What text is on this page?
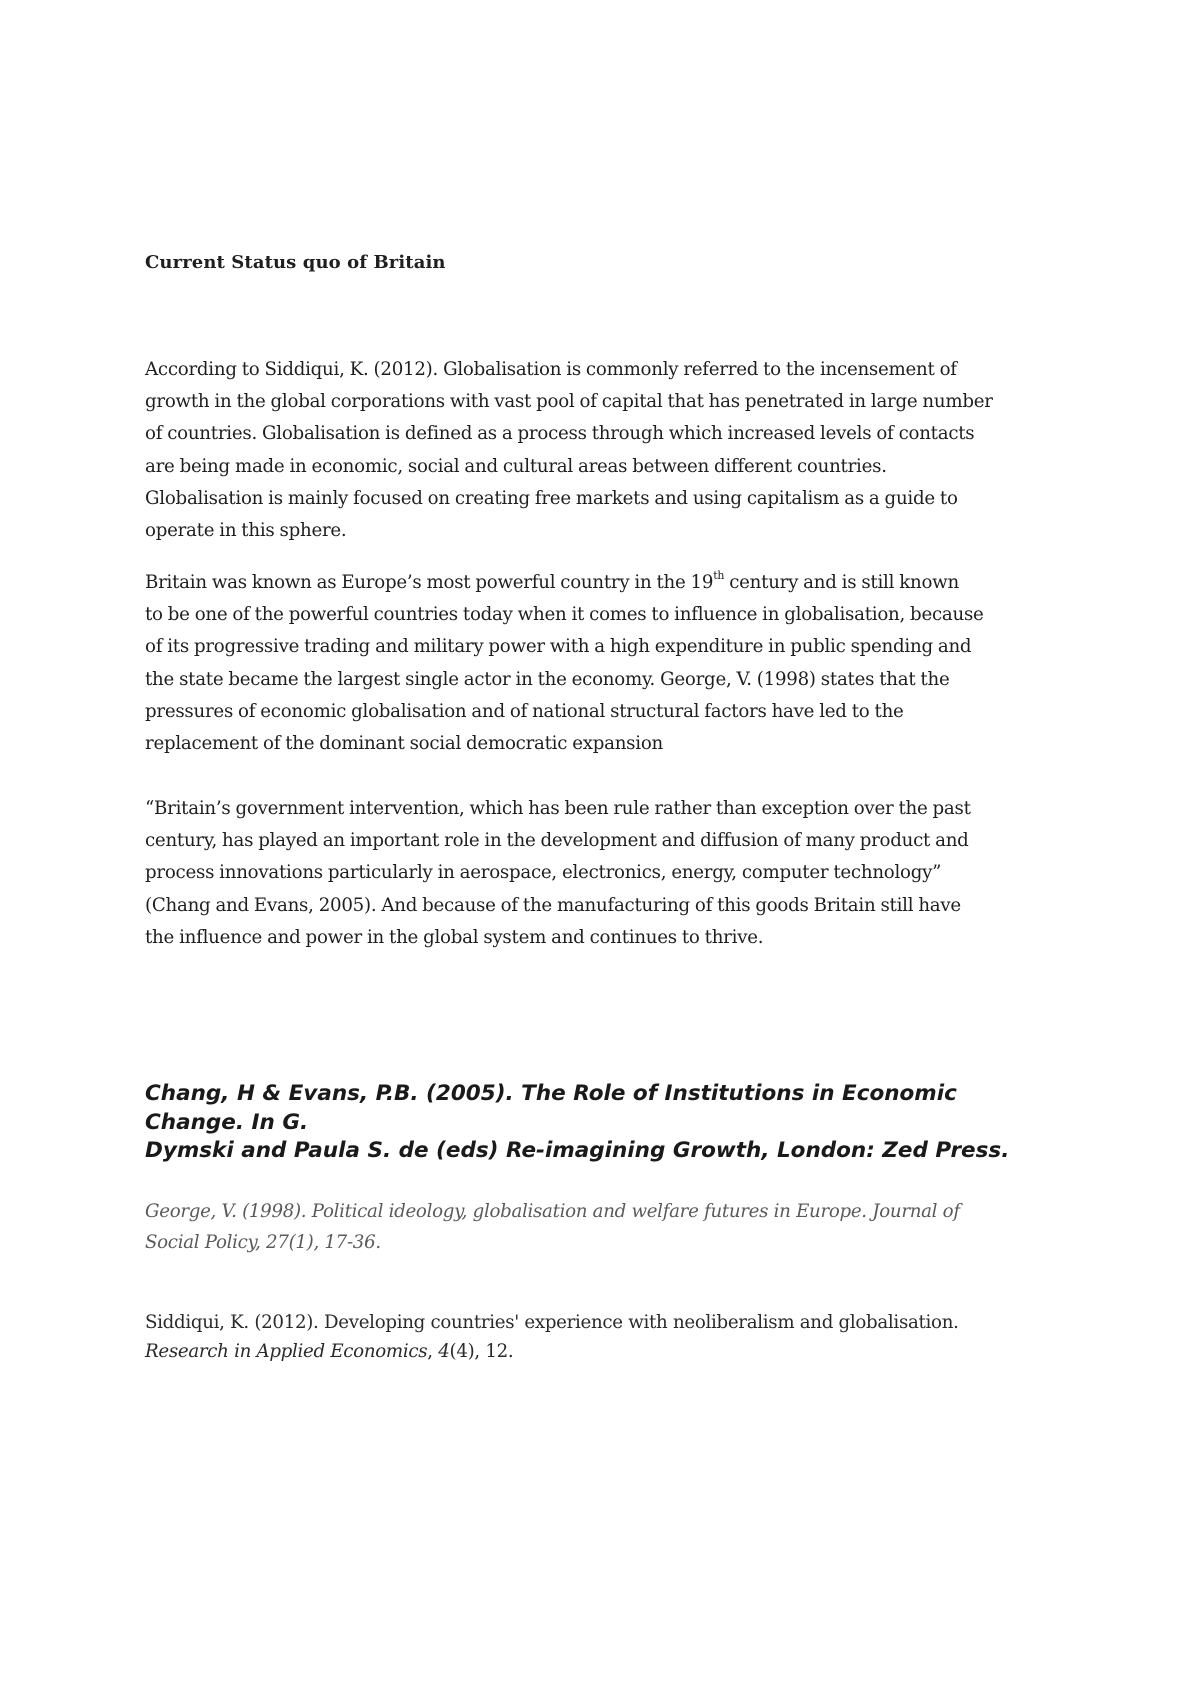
Current Status quo of Britain

According to Siddiqui, K. (2012). Globalisation is commonly referred to the incensement of
growth in the global corporations with vast pool of capital that has penetrated in large number
of countries. Globalisation is defined as a process through which increased levels of contacts
are being made in economic, social and cultural areas between different countries.
Globalisation is mainly focused on creating free markets and using capitalism as a guide to
operate in this sphere.

Britain was known as Europe’s most powerful country in the 19th century and is still known
to be one of the powerful countries today when it comes to influence in globalisation, because
of its progressive trading and military power with a high expenditure in public spending and
the state became the largest single actor in the economy. George, V. (1998) states that the
pressures of economic globalisation and of national structural factors have led to the
replacement of the dominant social democratic expansion

“Britain’s government intervention, which has been rule rather than exception over the past
century, has played an important role in the development and diffusion of many product and
process innovations particularly in aerospace, electronics, energy, computer technology”
(Chang and Evans, 2005). And because of the manufacturing of this goods Britain still have
the influence and power in the global system and continues to thrive.

Chang, H & Evans, P.B. (2005). The Role of Institutions in Economic
Change. In G.
Dymski and Paula S. de (eds) Re-imagining Growth, London: Zed Press.

George, V. (1998). Political ideology, globalisation and welfare futures in Europe. Journal of
Social Policy, 27(1), 17-36.

Siddiqui, K. (2012). Developing countries' experience with neoliberalism and globalisation.
Research in Applied Economics, 4(4), 12.
